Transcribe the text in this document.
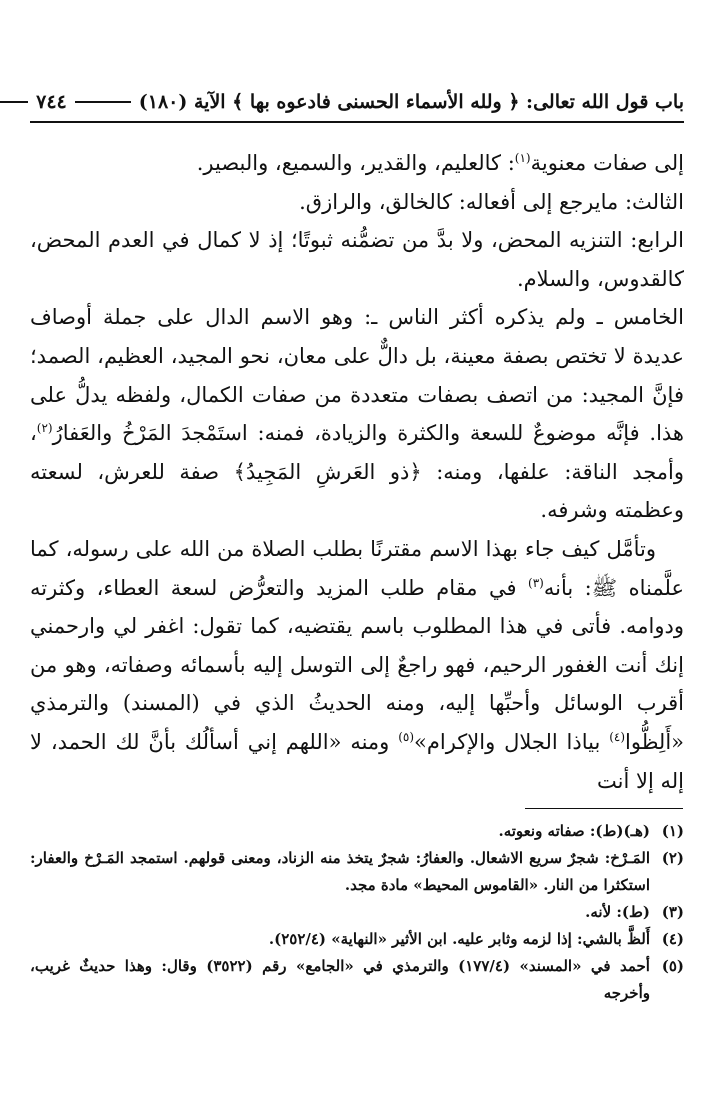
باب قول الله تعالى: ﴿ ولله الأسماء الحسنى فادعوه بها ﴾ الآية (١٨٠)
٧٤٤

إلى صفات معنوية$^{(١)}$: كالعليم، والقدير، والسميع، والبصير.

الثالث: مايرجع إلى أفعاله: كالخالق، والرازق.

الرابع: التنزيه المحض، ولا بدَّ من تضمُّنه ثبوتًا؛ إذ لا كمال في العدم المحض، كالقدوس، والسلام.

الخامس ـ ولم يذكره أكثر الناس ـ: وهو الاسم الدال على جملة أوصاف عديدة لا تختص بصفة معينة، بل دالٌّ على معان، نحو المجيد، العظيم، الصمد؛ فإنَّ المجيد: من اتصف بصفات متعددة من صفات الكمال، ولفظه يدلُّ على هذا. فإنَّه موضوعٌ للسعة والكثرة والزيادة، فمنه: استَمْجدَ المَرْخُ والعَفارُ$^{(٢)}$، وأمجد الناقة: علفها، ومنه: ﴿ذو العَرشِ المَجِيدُ﴾ صفة للعرش، لسعته وعظمته وشرفه.

وتأمَّل كيف جاء بهذا الاسم مقترنًا بطلب الصلاة من الله على رسوله، كما علَّمناه ﷺ: بأنه$^{(٣)}$ في مقام طلب المزيد والتعرُّض لسعة العطاء، وكثرته ودوامه. فأتى في هذا المطلوب باسم يقتضيه، كما تقول: اغفر لي وارحمني إنك أنت الغفور الرحيم، فهو راجعٌ إلى التوسل إليه بأسمائه وصفاته، وهو من أقرب الوسائل وأحبِّها إليه، ومنه الحديثُ الذي في (المسند) والترمذي «أَلِظُّوا$^{(٤)}$ بياذا الجلال والإكرام»$^{(٥)}$ ومنه «اللهم إني أسألُك بأنَّ لك الحمد، لا إله إلا أنت

(١)
(هـ)(ط): صفاته ونعوته.
(٢)
المَـرْخ: شجرٌ سريع الاشعال. والعفارُ: شجرٌ يتخذ منه الزناد، ومعنى قولهم. استمجد المَـرْخ والعفار: استكثرا من النار. «القاموس المحيط» مادة مجد.
(٣)
(ط): لأنه.
(٤)
أَلظَّ بالشي: إذا لزمه وثابر عليه. ابن الأثير «النهاية» (٢٥٢/٤).
(٥)
أحمد في «المسند» (١٧٧/٤) والترمذي في «الجامع» رقم (٣٥٢٢) وقال: وهذا حديثٌ غريب، وأخرجه
